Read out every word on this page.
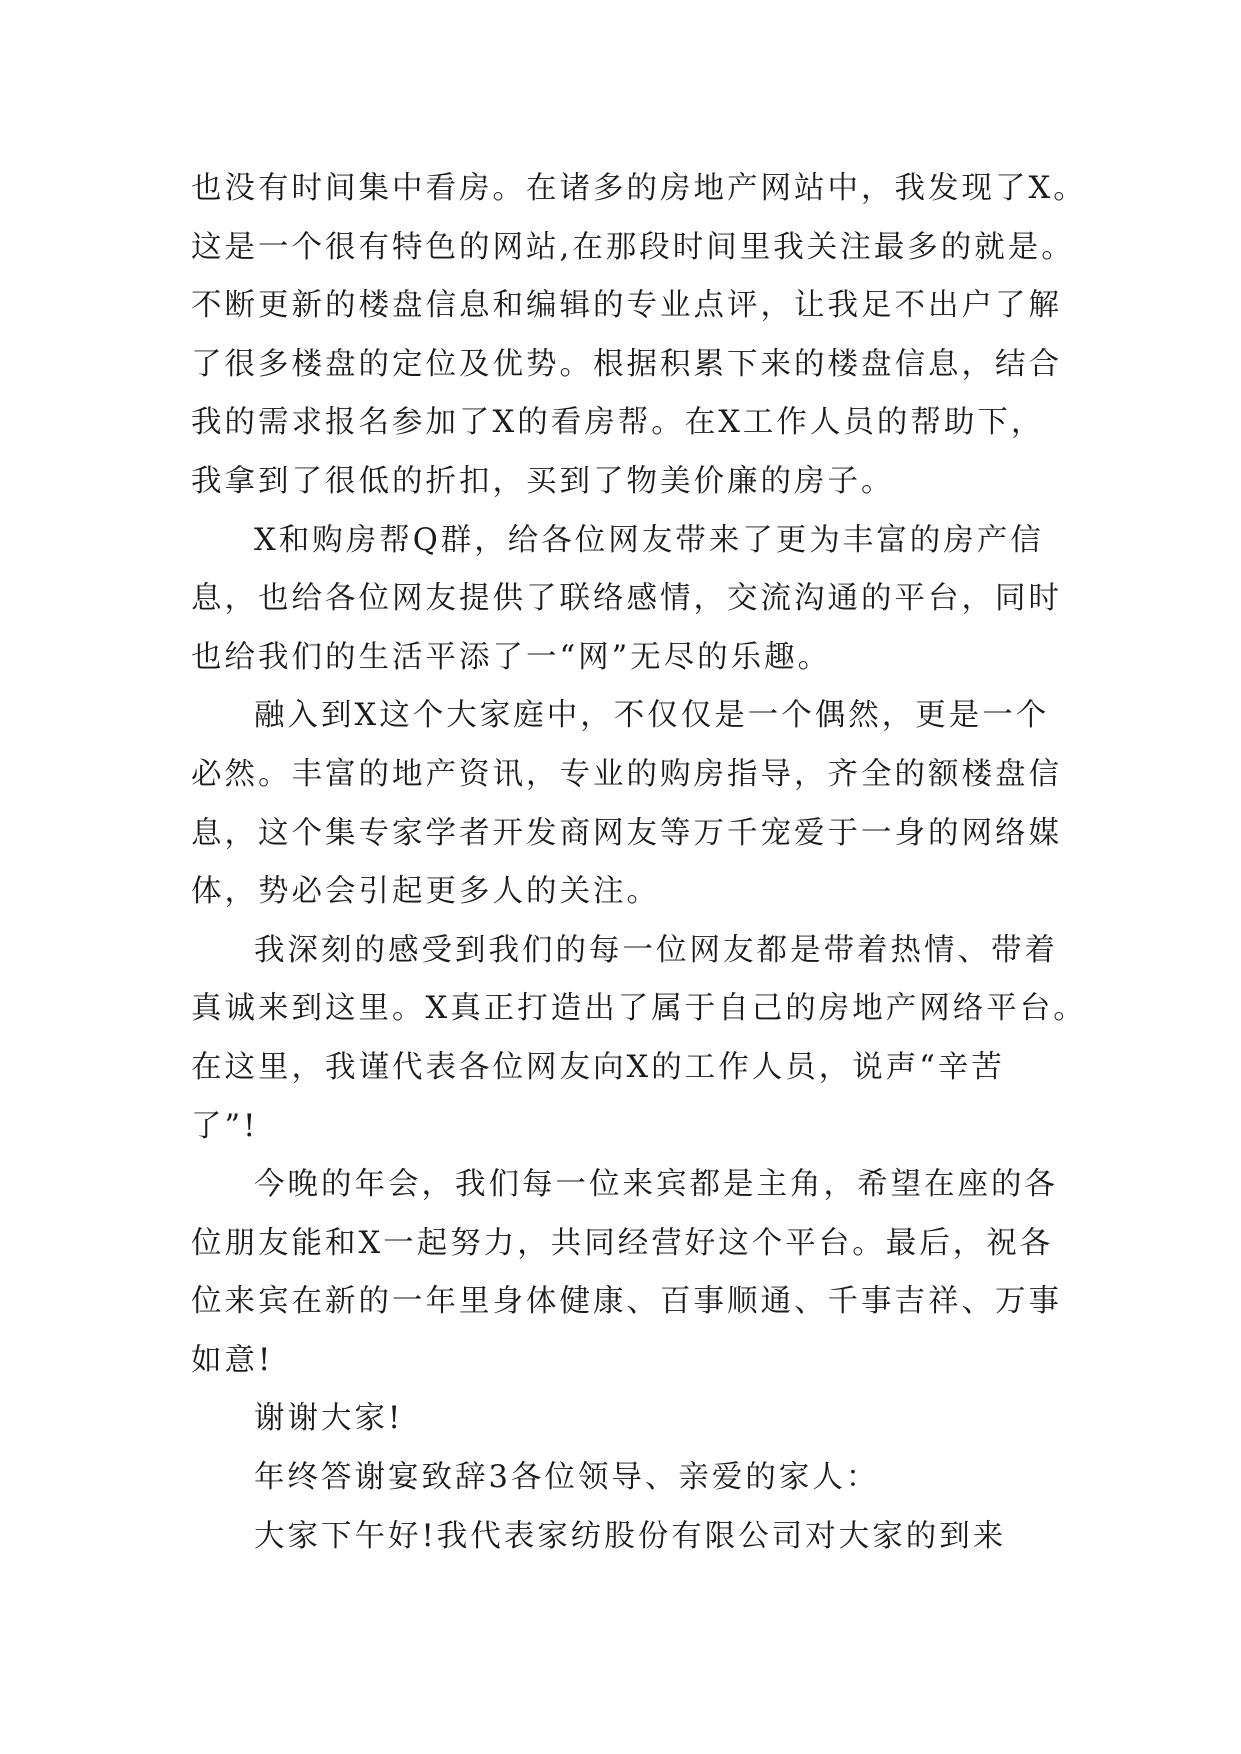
也没有时间集中看房。在诸多的房地产网站中，我发现了X。
这是一个很有特色的网站,在那段时间里我关注最多的就是。
不断更新的楼盘信息和编辑的专业点评，让我足不出户了解
了很多楼盘的定位及优势。根据积累下来的楼盘信息，结合
我的需求报名参加了X的看房帮。在X工作人员的帮助下，
我拿到了很低的折扣，买到了物美价廉的房子。
X和购房帮Q群，给各位网友带来了更为丰富的房产信
息，也给各位网友提供了联络感情，交流沟通的平台，同时
也给我们的生活平添了一“网”无尽的乐趣。
融入到X这个大家庭中，不仅仅是一个偶然，更是一个
必然。丰富的地产资讯，专业的购房指导，齐全的额楼盘信
息，这个集专家学者开发商网友等万千宠爱于一身的网络媒
体，势必会引起更多人的关注。
我深刻的感受到我们的每一位网友都是带着热情、带着
真诚来到这里。X真正打造出了属于自己的房地产网络平台。
在这里，我谨代表各位网友向X的工作人员，说声“辛苦
了”!
今晚的年会，我们每一位来宾都是主角，希望在座的各
位朋友能和X一起努力，共同经营好这个平台。最后，祝各
位来宾在新的一年里身体健康、百事顺通、千事吉祥、万事
如意!
谢谢大家!
年终答谢宴致辞3各位领导、亲爱的家人：
大家下午好!我代表家纺股份有限公司对大家的到来
